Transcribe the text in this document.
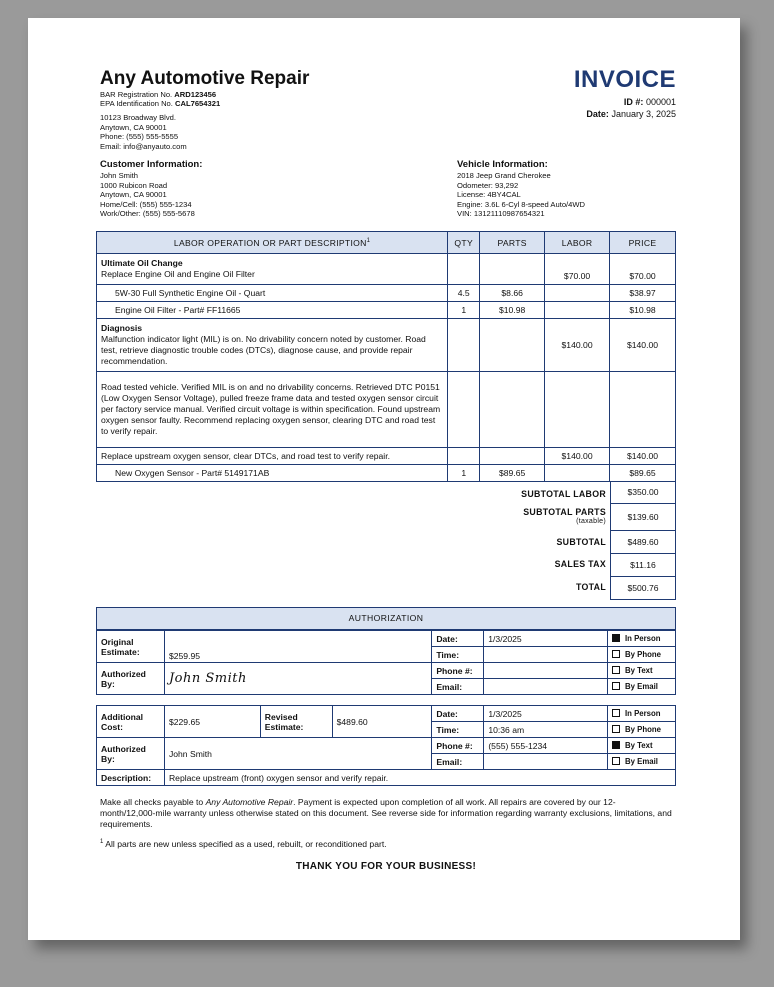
Any Automotive Repair
BAR Registration No. ARD123456
EPA Identification No. CAL7654321
10123 Broadway Blvd.
Anytown, CA 90001
Phone: (555) 555-5555
Email: info@anyauto.com
INVOICE
ID #: 000001
Date: January 3, 2025
Customer Information:
John Smith
1000 Rubicon Road
Anytown, CA 90001
Home/Cell: (555) 555-1234
Work/Other: (555) 555-5678
Vehicle Information:
2018 Jeep Grand Cherokee
Odometer: 93,292
License: 4BY4CAL
Engine: 3.6L 6-Cyl 8-speed Auto/4WD
VIN: 13121110987654321
LABOR OPERATION OR PART DESCRIPTION$^1$	QTY	PARTS	LABOR	PRICE
Ultimate Oil Change
Replace Engine Oil and Engine Oil Filter			$70.00	$70.00
5W-30 Full Synthetic Engine Oil - Quart	4.5	$8.66		$38.97
Engine Oil Filter - Part# FF11665	1	$10.98		$10.98
Diagnosis
Malfunction indicator light (MIL) is on. No drivability concern noted by customer. Road test, retrieve diagnostic trouble codes (DTCs), diagnose cause, and provide repair recommendation.			$140.00	$140.00
Road tested vehicle. Verified MIL is on and no drivability concerns. Retrieved DTC P0151 (Low Oxygen Sensor Voltage), pulled freeze frame data and tested oxygen sensor circuit per factory service manual. Verified circuit voltage is within specification. Found upstream oxygen sensor faulty. Recommend replacing oxygen sensor, clearing DTC and road test to verify repair.				
Replace upstream oxygen sensor, clear DTCs, and road test to verify repair.			$140.00	$140.00
New Oxygen Sensor - Part# 5149171AB	1	$89.65		$89.65
SUBTOTAL LABOR	$350.00
SUBTOTAL PARTS
(taxable)	$139.60
SUBTOTAL	$489.60
SALES TAX	$11.16
TOTAL	$500.76
AUTHORIZATION
Original Estimate:	$259.95	Date:	1/3/2025	In Person
		Time:		By Phone
Authorized By:	John Smith	Phone #:		By Text
		Email:		By Email
Additional Cost:	$229.65	Revised Estimate:	$489.60	Date:	1/3/2025	In Person
				Time:	10:36 am	By Phone
Authorized By:	John Smith			Phone #:	(555) 555-1234	By Text
				Email:		By Email
Description:	Replace upstream (front) oxygen sensor and verify repair.					
Make all checks payable to Any Automotive Repair. Payment is expected upon completion of all work. All repairs are covered by our 12- month/12,000-mile warranty unless otherwise stated on this document. See reverse side for information regarding warranty exclusions, limitations, and requirements.
$^1$ All parts are new unless specified as a used, rebuilt, or reconditioned part.
THANK YOU FOR YOUR BUSINESS!
